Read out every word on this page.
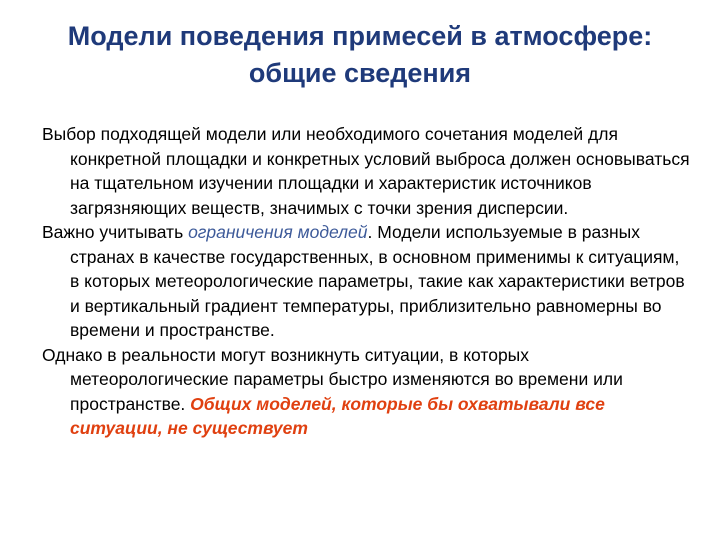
Модели поведения примесей в атмосфере:
общие сведения

Выбор подходящей модели или необходимого сочетания моделей для конкретной площадки и конкретных условий выброса должен основываться на тщательном изучении площадки и характеристик источников загрязняющих веществ, значимых с точки зрения дисперсии.

Важно учитывать ограничения моделей. Модели используемые в разных странах в качестве государственных, в основном применимы к ситуациям, в которых метеорологические параметры, такие как характеристики ветров и вертикальный градиент температуры, приблизительно равномерны во времени и пространстве.

Однако в реальности могут возникнуть ситуации, в которых метеорологические параметры быстро изменяются во времени или пространстве. Общих моделей, которые бы охватывали все ситуации, не существует
